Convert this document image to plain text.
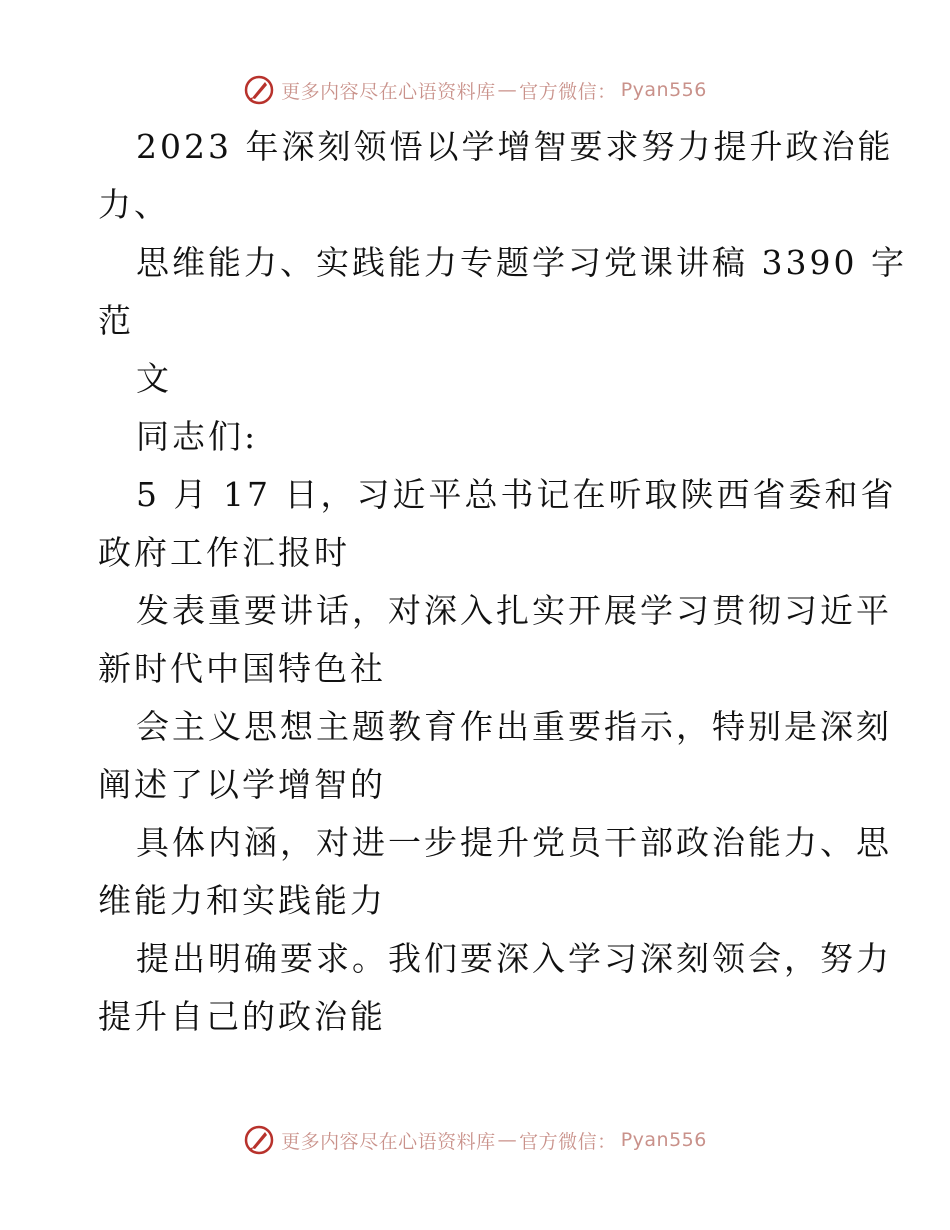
更多内容尽在心语资料库 — 官方微信： Pyan556
2023 年深刻领悟以学增智要求努力提升政治能
力、
思维能力、实践能力专题学习党课讲稿 3390 字
范
文
同志们:
5 月 17 日，习近平总书记在听取陕西省委和省
政府工作汇报时
发表重要讲话，对深入扎实开展学习贯彻习近平
新时代中国特色社
会主义思想主题教育作出重要指示，特别是深刻
阐述了以学增智的
具体内涵，对进一步提升党员干部政治能力、思
维能力和实践能力
提出明确要求。我们要深入学习深刻领会，努力
提升自己的政治能
更多内容尽在心语资料库 — 官方微信： Pyan556
